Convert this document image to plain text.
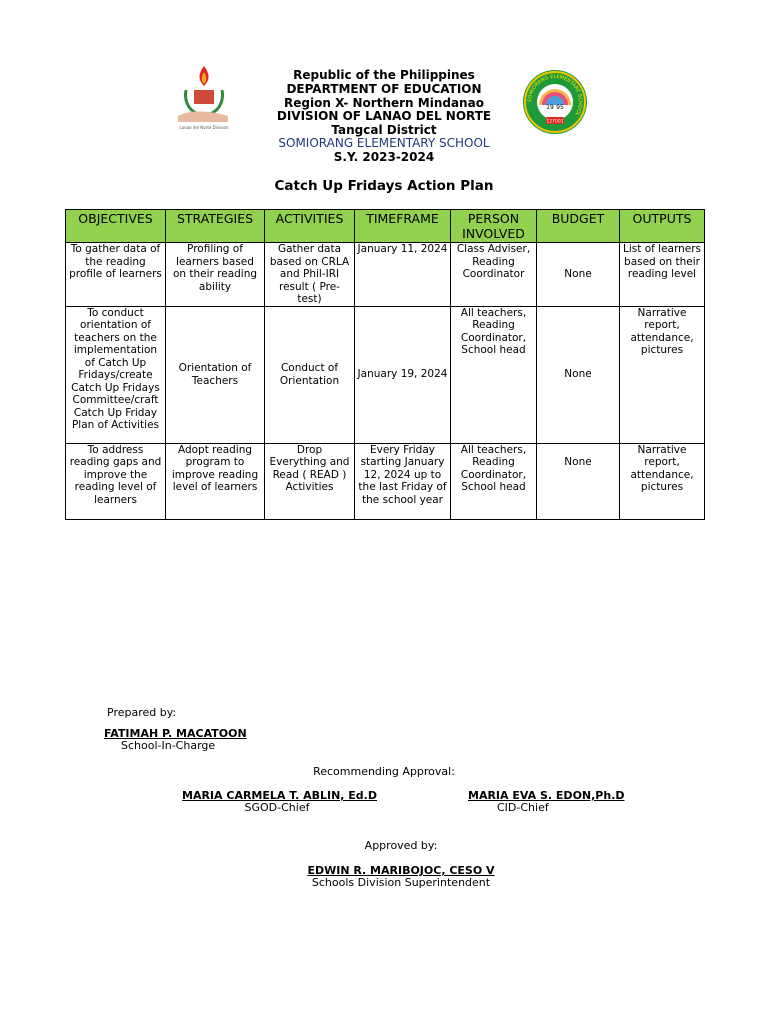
Lanao del Norte Division
SOMIORANG ELEMENTARY SCHOOL
19 95
127001
Republic of the Philippines
DEPARTMENT OF EDUCATION
Region X- Northern Mindanao
DIVISION OF LANAO DEL NORTE
Tangcal District
SOMIORANG ELEMENTARY SCHOOL
S.Y. 2023-2024
Catch Up Fridays Action Plan
OBJECTIVES	STRATEGIES	ACTIVITIES	TIMEFRAME	PERSON INVOLVED	BUDGET	OUTPUTS
To gather data of the reading profile of learners	Profiling of learners based on their reading ability	Gather data based on CRLA and Phil-IRI result ( Pre-test)	January 11, 2024	Class Adviser, Reading Coordinator	None	List of learners based on their reading level
To conduct orientation of teachers on the implementation of Catch Up Fridays/create Catch Up Fridays Committee/craft Catch Up Friday Plan of Activities	Orientation of Teachers	Conduct of Orientation	January 19, 2024	All teachers, Reading Coordinator, School head	None	Narrative report, attendance, pictures
To address reading gaps and improve the reading level of learners	Adopt reading program to improve reading level of learners	Drop Everything and Read ( READ ) Activities	Every Friday starting January 12, 2024 up to the last Friday of the school year	All teachers, Reading Coordinator, School head	None	Narrative report, attendance, pictures
Prepared by:
FATIMAH P. MACATOON
School-In-Charge
Recommending Approval:
MARIA CARMELA T. ABLIN, Ed.D
SGOD-Chief
MARIA EVA S. EDON,Ph.D
CID-Chief
Approved by:
EDWIN R. MARIBOJOC, CESO V
Schools Division Superintendent
